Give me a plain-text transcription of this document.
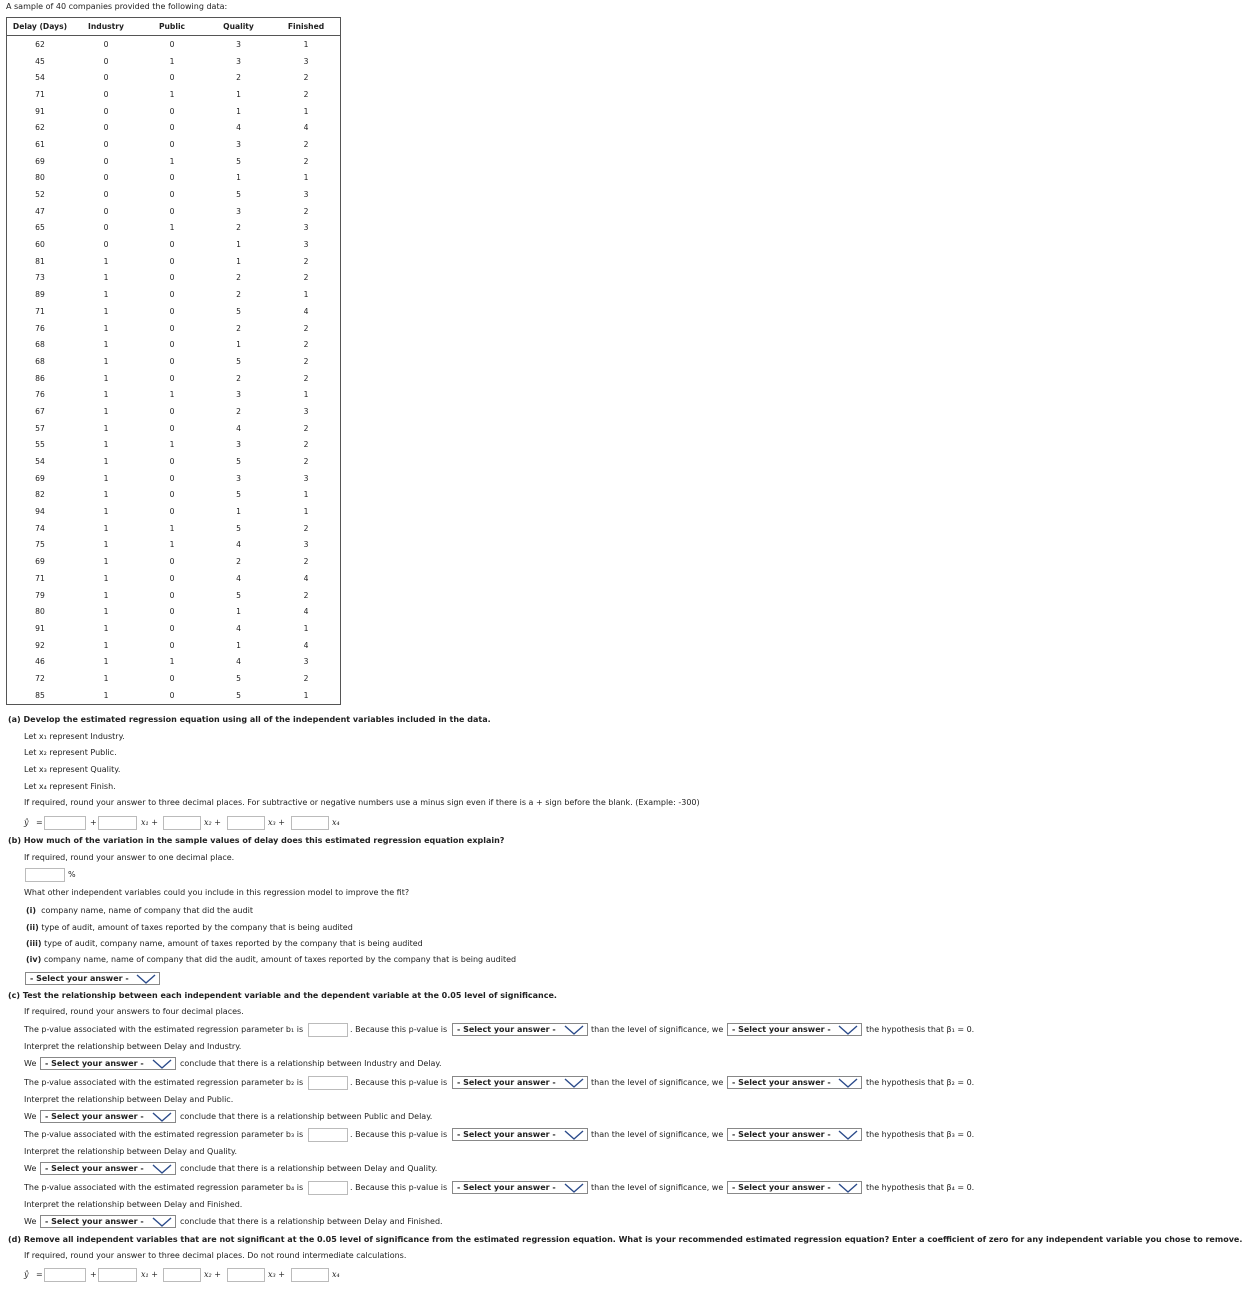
A sample of 40 companies provided the following data:
Delay (Days)	Industry	Public	Quality	Finished
62	0	0	3	1
45	0	1	3	3
54	0	0	2	2
71	0	1	1	2
91	0	0	1	1
62	0	0	4	4
61	0	0	3	2
69	0	1	5	2
80	0	0	1	1
52	0	0	5	3
47	0	0	3	2
65	0	1	2	3
60	0	0	1	3
81	1	0	1	2
73	1	0	2	2
89	1	0	2	1
71	1	0	5	4
76	1	0	2	2
68	1	0	1	2
68	1	0	5	2
86	1	0	2	2
76	1	1	3	1
67	1	0	2	3
57	1	0	4	2
55	1	1	3	2
54	1	0	5	2
69	1	0	3	3
82	1	0	5	1
94	1	0	1	1
74	1	1	5	2
75	1	1	4	3
69	1	0	2	2
71	1	0	4	4
79	1	0	5	2
80	1	0	1	4
91	1	0	4	1
92	1	0	1	4
46	1	1	4	3
72	1	0	5	2
85	1	0	5	1
(a) Develop the estimated regression equation using all of the independent variables included in the data.
Let x₁ represent Industry.
Let x₂ represent Public.
Let x₃ represent Quality.
Let x₄ represent Finish.
If required, round your answer to three decimal places. For subtractive or negative numbers use a minus sign even if there is a + sign before the blank. (Example: -300)
ŷ =	+	x₁ +	x₂ +	x₃ +	x₄
(b) How much of the variation in the sample values of delay does this estimated regression equation explain?
If required, round your answer to one decimal place.
%
What other independent variables could you include in this regression model to improve the fit?
(i) company name, name of company that did the audit
(ii) type of audit, amount of taxes reported by the company that is being audited
(iii) type of audit, company name, amount of taxes reported by the company that is being audited
(iv) company name, name of company that did the audit, amount of taxes reported by the company that is being audited
- Select your answer -
(c) Test the relationship between each independent variable and the dependent variable at the 0.05 level of significance.
If required, round your answers to four decimal places.
The p-value associated with the estimated regression parameter b₁ is	. Because this p-value is	- Select your answer -	than the level of significance, we	- Select your answer -	the hypothesis that β₁ = 0.
Interpret the relationship between Delay and Industry.
We	- Select your answer -	conclude that there is a relationship between Industry and Delay.
The p-value associated with the estimated regression parameter b₂ is	. Because this p-value is	- Select your answer -	than the level of significance, we	- Select your answer -	the hypothesis that β₂ = 0.
Interpret the relationship between Delay and Public.
We	- Select your answer -	conclude that there is a relationship between Public and Delay.
The p-value associated with the estimated regression parameter b₃ is	. Because this p-value is	- Select your answer -	than the level of significance, we	- Select your answer -	the hypothesis that β₃ = 0.
Interpret the relationship between Delay and Quality.
We	- Select your answer -	conclude that there is a relationship between Delay and Quality.
The p-value associated with the estimated regression parameter b₄ is	. Because this p-value is	- Select your answer -	than the level of significance, we	- Select your answer -	the hypothesis that β₄ = 0.
Interpret the relationship between Delay and Finished.
We	- Select your answer -	conclude that there is a relationship between Delay and Finished.
(d) Remove all independent variables that are not significant at the 0.05 level of significance from the estimated regression equation. What is your recommended estimated regression equation? Enter a coefficient of zero for any independent variable you chose to remove.
If required, round your answer to three decimal places. Do not round intermediate calculations.
ŷ =	+	x₁ +	x₂ +	x₃ +	x₄
